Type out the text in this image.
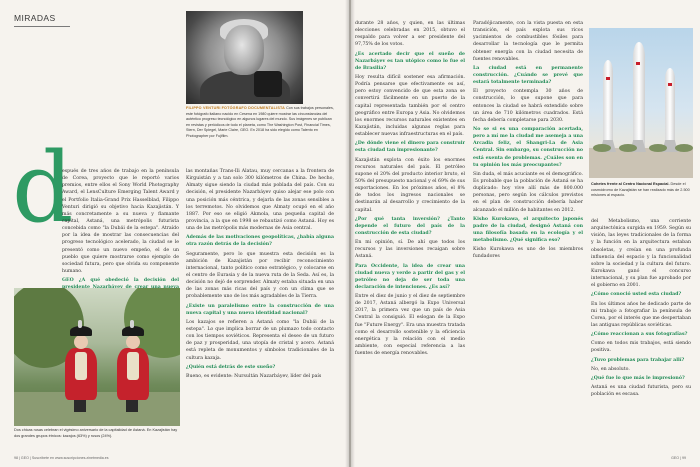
MIRADAS
FILIPPO VENTURI FOTÓGRAFO DOCUMENTALISTA Con sus trabajos personales, este fotógrafo italiano nacido en Cesena en 1980 quiere mostrar las circunstancias del auténtico progreso tecnológico en algunos lugares del mundo. Sus imágenes se publican en revistas y periódicos de todo el planeta, como The Washington Post, Financial Times, Stern, Der Spiegel, Marie Claire, GEO. En 2018 ha sido elegido como Talento en Photographer por Fujifilm.
d

espués de tres años de trabajo en la península de Corea, proyecto que le reportó varios premios, entre ellos el Sony World Photography Award, el LensCulture Emerging Talent Award y el Portfolio Italia-Grand Prix Hasselblad, Filippo Venturi dirigió su objetivo hacia Kazajistán. Y más concretamente a su nueva y flamante capital, Astaná, una metrópolis futurista concebida como "la Dubái de la estepa". Atraído por la idea de mostrar las consecuencias del progreso tecnológico acelerado, la ciudad se le presentó como un nuevo empeño, el de un pueblo que quiere mostrarse como ejemplo de sociedad futura, pero que olvida su componente humano.

GEO ¿A qué obedeció la decisión del

las montañas Trans-Ili Alatau, muy cercanas a la frontera de Kirguistán y a tan solo 300 kilómetros de China. De hecho, Almaty sigue siendo la ciudad más poblada del país. Con su decisión, el presidente Nazarbáyev quiso alejar ese polo con una posición más céntrica, y dejarla de las zonas sensibles a los terremotos. No olvidemos que Almaty ocupó en el año 1887. Por eso se eligió Akmola, una pequeña capital de provincia, a la que en 1998 se rebautizó como Astaná. Hoy es una de las metrópolis más modernas de Asia central.

Además de las motivaciones geopolíticas, ¿había alguna otra razón detrás de la decisión?

Seguramente, pero lo que muestra esta decisión es la ambición de Kazajistán por recibir reconocimiento internacional, tanto político como estratégico, y colocarse en el centro de Eurasia y de la nueva ruta de la Seda. Así es, la decisión no dejó de sorprender. Almaty estaba situada en una de las zonas más ricas del país y con un clima que se probablemente uno de los más agradables de la Tierra.

¿Existe un paralelismo entre la construcción de una nueva capital y una nueva identidad nacional?

Los kazajos se refieren a Astaná como "la Dubái de la estepa". Lo que implica borrar de un plumazo todo contacto con los tiempos soviéticos. Representa el deseo de un futuro de paz y prosperidad, una utopía de cristal y acero. Astaná está repleta de monumentos y símbolos tradicionales de la cultura kazaja.

¿Quién está detrás de este sueño?

Bueno, es evidente: Nursultán Nazarbáyev, líder del país

Dos chicas rusas celebran el vigésimo aniversario de la capitalidad de Astaná. En Kazajistán hay dos grandes grupos étnicos: kazajos (63%) y rusos (24%).
98 | GEO | Suscríbete en www.suscripciones.zinetmedia.es

durante 28 años, y quien, en las últimas elecciones celebradas en 2015, obtuvo el respaldo para volver a ser presidente del 97,75% de los votos.

¿Es acertado decir que el sueño de Nazarbáyev es tan utópico como lo fue el de Brasilia?

Hoy resulta difícil sostener esa afirmación. Podría pensarse que efectivamente es así, pero estoy convencido de que esta zona se convertirá fácilmente en un puerto de la capital representada también por el centro geográfico entre Europa y Asia. No olvidemos los enormes recursos naturales existentes en Kazajistán, incluidas algunas reglas para establecer nuevas infraestructuras en el país.

¿De dónde viene el dinero para construir esta ciudad tan impresionante?

Kazajistán explota con éxito los enormes recursos naturales del país. El petróleo supone el 20% del producto interior bruto, el 50% del presupuesto nacional y el 69% de sus exportaciones. En los próximos años, el 8% de todos los ingresos nacionales se destinarán al desarrollo y crecimiento de la capital.

¿Por qué tanta inversión? ¿Tanto depende el futuro del país de la construcción de esta ciudad?

En mi opinión, sí. De ahí que todos los recursos y las inversiones recaigan sobre Astaná.

Para Occidente, la idea de crear una ciudad nueva y verde a partir del gas y el petróleo no deja de ser toda una declaración de intenciones. ¿Es así?

Entre el diez de junio y el diez de septiembre de 2017, Astaná albergó la Expo Universal 2017, la primera vez que un país de Asia Central la consiguió. El eslogan de la Expo fue "Future Energy". Era una muestra tratada como el desarrollo sostenible y la eficiencia energética y la relación con el medio ambiente, con especial referencia a las fuentes de energía renovables.

Paradójicamente, con la vista puesta en esta transición, el país explota sus ricos yacimientos de combustibles fósiles para desarrollar la tecnología que le permita obtener energía con la ciudad necesita de fuentes renovables.

La ciudad está en permanente construcción. ¿Cuándo se prevé que estará totalmente terminada?

El proyecto contempla 30 años de construcción, lo que supone que para entonces la ciudad se habrá extendido sobre un área de 710 kilómetros cuadrados. Está fecha debería completarse para 2030.

No se si es una comparación acertada, pero a mí me la ciudad me asemeja a una Arcadia feliz, el Shangri-La de Asia Central. Sin embargo, su construcción no está exenta de problemas. ¿Cuáles son en tu opinión los más preocupantes?

Sin duda, el más acuciante es el demográfico. Es probable que la población de Astaná se ha duplicado: hoy vive allí más de 800.000 personas, pero según los cálculos previstos en el plan de construcción debería haber alcanzado el millón de habitantes en 2012.

Kisho Kurokawa, el arquitecto japonés padre de la ciudad, designó Astaná con una filosofía basada en la ecología y el metabolismo. ¿Qué significa eso?

Kisho Kurokawa es uno de los miembros fundadores

Cohetes frente al Centro Nacional Espacial. Desde el cosmódromo de Kazajistán se han realizado más de 2.500 misiones al espacio.

del Metabolismo, una corriente arquitectónica surgida en 1959. Según su visión, las leyes tradicionales de la forma y la función en la arquitectura estaban obsoletas, y creían en una profunda influencia del espacio y la funcionalidad sobre la sociedad y la cultura del futuro. Kurokawa ganó el concurso internacional, y su plan fue aprobado por el gobierno en 2001.

¿Cómo conoció usted esta ciudad?

En los últimos años he dedicado parte de mi trabajo a fotografiar la península de Corea, por el interés que me despertaban las antiguas repúblicas soviéticas.

¿Cómo reaccionan a sus fotografías?

Como en todos mis trabajos, está siendo positiva.

¿Tuvo problemas para trabajar allí?

No, en absoluto.

¿Qué fue lo que más le impresionó?

Astaná es una ciudad futurista, pero su población es escasa.

GEO | 99
